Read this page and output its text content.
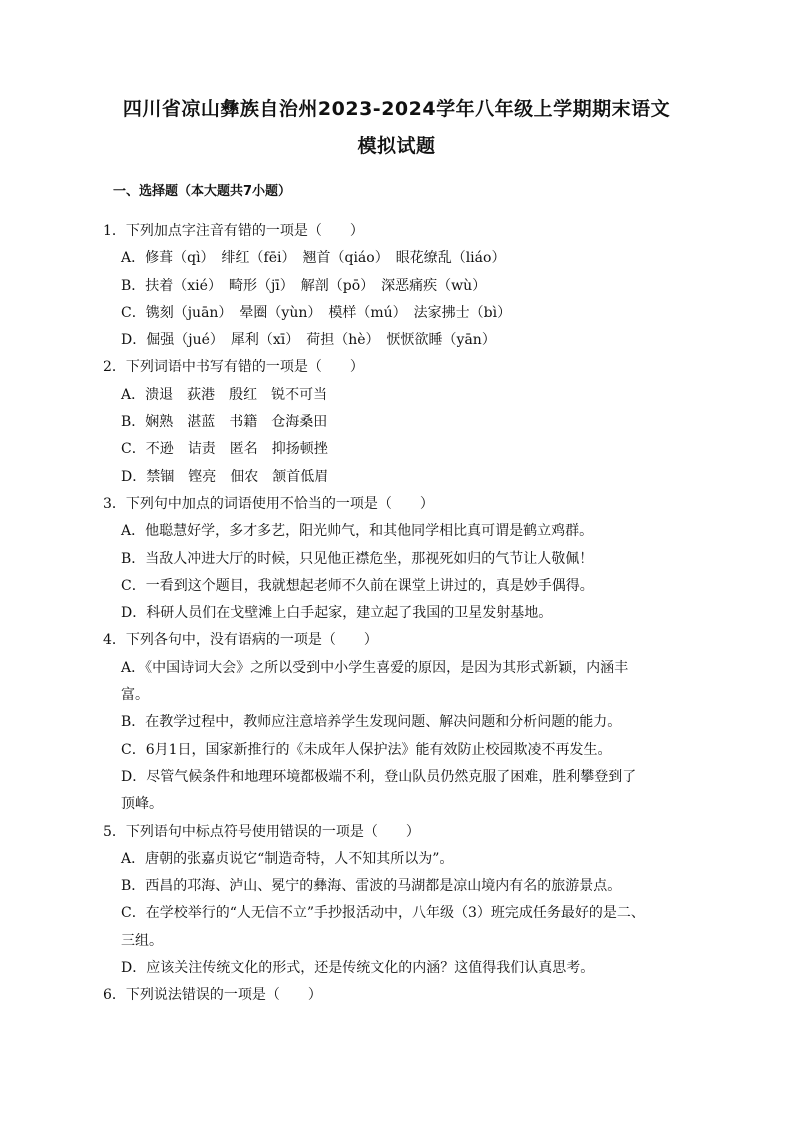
四川省凉山彝族自治州2023-2024学年八年级上学期期末语文
模拟试题
一、选择题（本大题共7小题）
1．下列加点字注音有错的一项是（　　）
A．修葺（qì）　绯红（fēi）　翘首（qiáo）　眼花缭乱（liáo）
B．扶着（xié）　畸形（jī）　解剖（pō）　深恶痛疾（wù）
C．镌刻（juān）　晕圈（yùn）　模样（mú）　法家拂士（bì）
D．倔强（jué）　犀利（xī）　荷担（hè）　恹恹欲睡（yān）
2．下列词语中书写有错的一项是（　　）
A．溃退　荻港　殷红　锐不可当
B．娴熟　湛蓝　书籍　仓海桑田
C．不逊　诘责　匿名　抑扬顿挫
D．禁锢　铿亮　佃农　颔首低眉
3．下列句中加点的词语使用不恰当的一项是（　　）
A．他聪慧好学，多才多艺，阳光帅气，和其他同学相比真可谓是鹤立鸡群。
B．当敌人冲进大厅的时候，只见他正襟危坐，那视死如归的气节让人敬佩！
C．一看到这个题目，我就想起老师不久前在课堂上讲过的，真是妙手偶得。
D．科研人员们在戈壁滩上白手起家，建立起了我国的卫星发射基地。
4．下列各句中，没有语病的一项是（　　）
A．《中国诗词大会》之所以受到中小学生喜爱的原因，是因为其形式新颖，内涵丰
富。
B．在教学过程中，教师应注意培养学生发现问题、解决问题和分析问题的能力。
C．6月1日，国家新推行的《未成年人保护法》能有效防止校园欺凌不再发生。
D．尽管气候条件和地理环境都极端不利，登山队员仍然克服了困难，胜利攀登到了
顶峰。
5．下列语句中标点符号使用错误的一项是（　　）
A．唐朝的张嘉贞说它“制造奇特，人不知其所以为”。
B．西昌的邛海、泸山、冕宁的彝海、雷波的马湖都是凉山境内有名的旅游景点。
C．在学校举行的“人无信不立”手抄报活动中，八年级（3）班完成任务最好的是二、
三组。
D．应该关注传统文化的形式，还是传统文化的内涵？这值得我们认真思考。
6．下列说法错误的一项是（　　）
